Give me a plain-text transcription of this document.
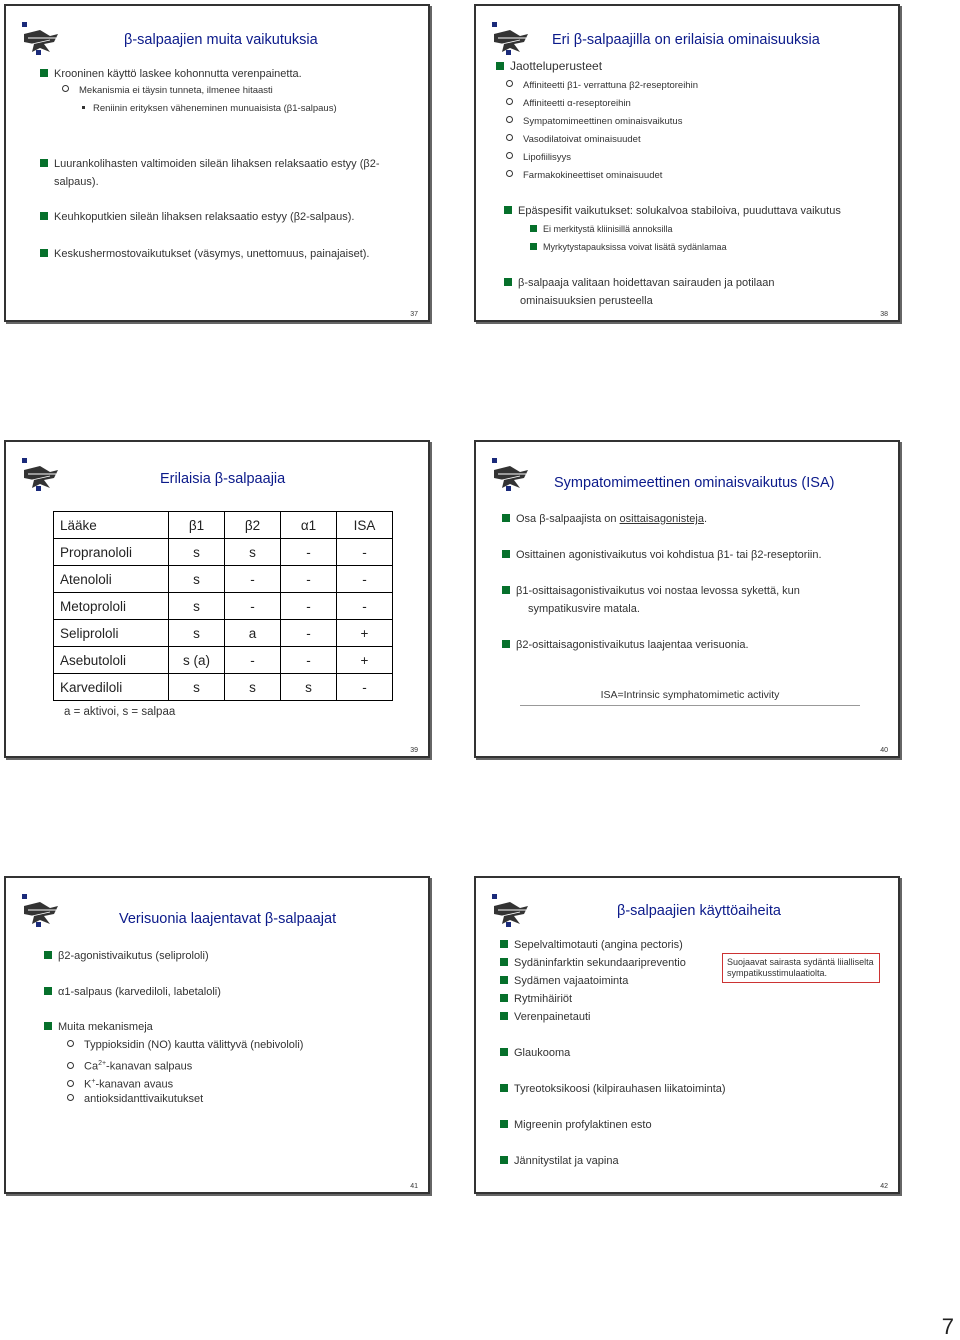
β-salpaajien muita vaikutuksia
Krooninen käyttö laskee kohonnutta verenpainetta.
Mekanismia ei täysin tunneta, ilmenee hitaasti
Reniinin erityksen väheneminen munuaisista (β1-salpaus)
Luurankolihasten valtimoiden sileän lihaksen relaksaatio estyy (β2-
salpaus).
Keuhkoputkien sileän lihaksen relaksaatio estyy (β2-salpaus).
Keskushermostovaikutukset (väsymys, unettomuus, painajaiset).
37
Eri β-salpaajilla on erilaisia ominaisuuksia
Jaotteluperusteet
Affiniteetti β1- verrattuna β2-reseptoreihin
Affiniteetti α-reseptoreihin
Sympatomimeettinen ominaisvaikutus
Vasodilatoivat ominaisuudet
Lipofiilisyys
Farmakokineettiset ominaisuudet
Epäspesifit vaikutukset: solukalvoa stabiloiva, puuduttava vaikutus
Ei merkitystä kliinisillä annoksilla
Myrkytystapauksissa voivat lisätä sydänlamaa
β-salpaaja valitaan hoidettavan sairauden ja potilaan
ominaisuuksien perusteella
38
Erilaisia β-salpaajia
39
Lääke	β1	β2	α1	ISA
Propranololi	s	s	-	-
Atenololi	s	-	-	-
Metoprololi	s	-	-	-
Seliprololi	s	a	-	+
Asebutololi	s (a)	-	-	+
Karvediloli	s	s	s	-
a = aktivoi, s = salpaa
Sympatomimeettinen ominaisvaikutus (ISA)
40
Osa β-salpaajista on osittaisagonisteja.
Osittainen agonistivaikutus voi kohdistua β1- tai β2-reseptoriin.
β1-osittaisagonistivaikutus voi nostaa levossa sykettä, kun
sympatikusvire matala.
β2-osittaisagonistivaikutus laajentaa verisuonia.
ISA=Intrinsic symphatomimetic activity
Verisuonia laajentavat β-salpaajat
41
β2-agonistivaikutus (seliprololi)
α1-salpaus (karvediloli, labetaloli)
Muita mekanismeja
Typpioksidin (NO) kautta välittyvä (nebivololi)
$Ca^{2+}$-kanavan salpaus
K+-kanavan avaus
antioksidanttivaikutukset
β-salpaajien käyttöaiheita
42
Sepelvaltimotauti (angina pectoris)
Sydäninfarktin sekundaaripreventio
Sydämen vajaatoiminta
Rytmihäiriöt
Verenpainetauti
Glaukooma
Tyreotoksikoosi (kilpirauhasen liikatoiminta)
Migreenin profylaktinen esto
Jännitystilat ja vapina
Suojaavat sairasta sydäntä liialliselta sympatikusstimulaatiolta.
7
